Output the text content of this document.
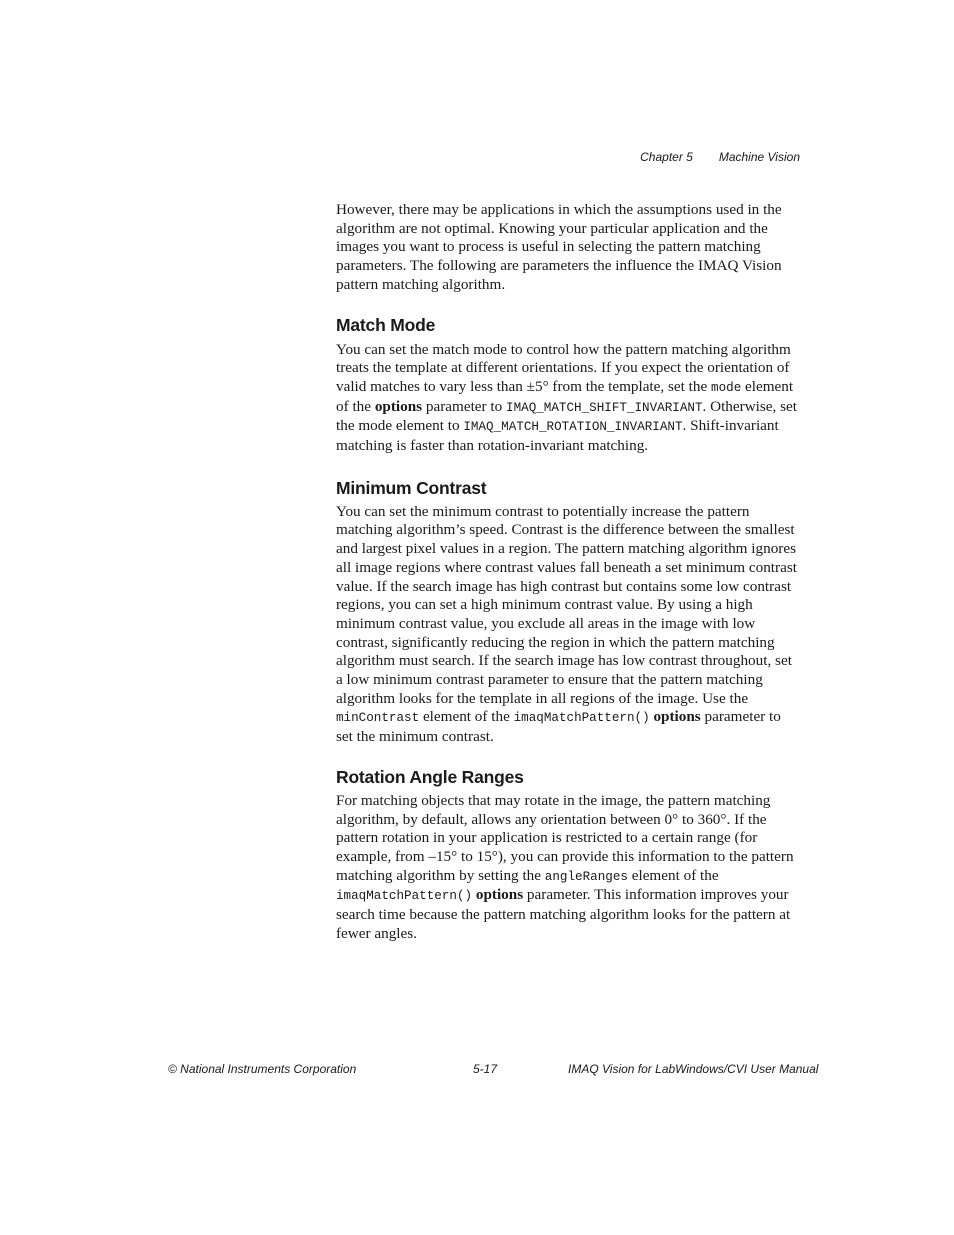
Chapter 5 Machine Vision

However, there may be applications in which the assumptions used in the algorithm are not optimal. Knowing your particular application and the images you want to process is useful in selecting the pattern matching parameters. The following are parameters the influence the IMAQ Vision pattern matching algorithm.

Match Mode

You can set the match mode to control how the pattern matching algorithm treats the template at different orientations. If you expect the orientation of valid matches to vary less than ±5° from the template, set the mode element of the options parameter to IMAQ_MATCH_SHIFT_INVARIANT. Otherwise, set the mode element to IMAQ_MATCH_ROTATION_INVARIANT. Shift-invariant matching is faster than rotation-invariant matching.

Minimum Contrast

You can set the minimum contrast to potentially increase the pattern matching algorithm’s speed. Contrast is the difference between the smallest and largest pixel values in a region. The pattern matching algorithm ignores all image regions where contrast values fall beneath a set minimum contrast value. If the search image has high contrast but contains some low contrast regions, you can set a high minimum contrast value. By using a high minimum contrast value, you exclude all areas in the image with low contrast, significantly reducing the region in which the pattern matching algorithm must search. If the search image has low contrast throughout, set a low minimum contrast parameter to ensure that the pattern matching algorithm looks for the template in all regions of the image. Use the minContrast element of the imaqMatchPattern() options parameter to set the minimum contrast.

Rotation Angle Ranges

For matching objects that may rotate in the image, the pattern matching algorithm, by default, allows any orientation between 0° to 360°. If the pattern rotation in your application is restricted to a certain range (for example, from –15° to 15°), you can provide this information to the pattern matching algorithm by setting the angleRanges element of the imaqMatchPattern() options parameter. This information improves your search time because the pattern matching algorithm looks for the pattern at fewer angles.

© National Instruments Corporation	5-17	IMAQ Vision for LabWindows/CVI User Manual
